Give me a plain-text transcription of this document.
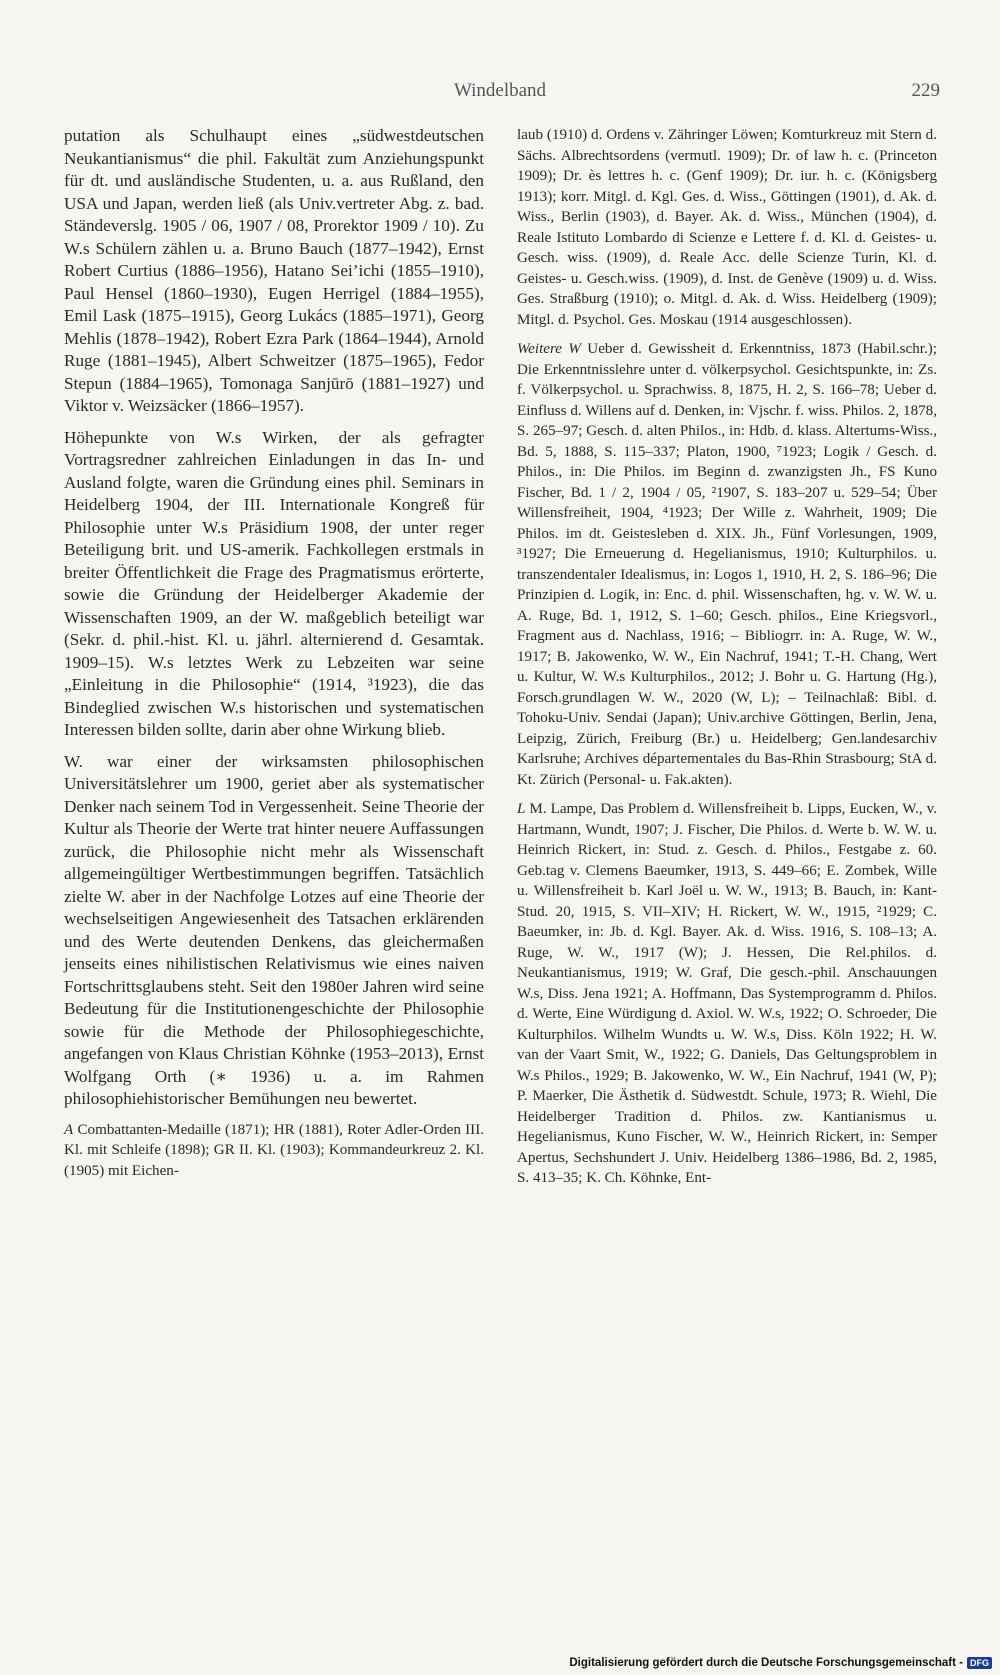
Windelband	229

putation als Schulhaupt eines „südwestdeutschen Neukantianismus“ die phil. Fakultät zum Anziehungspunkt für dt. und ausländische Studenten, u. a. aus Rußland, den USA und Japan, werden ließ (als Univ.vertreter Abg. z. bad. Ständeverslg. 1905 / 06, 1907 / 08, Prorektor 1909 / 10). Zu W.s Schülern zählen u. a. Bruno Bauch (1877–1942), Ernst Robert Curtius (1886–1956), Hatano Sei’ichi (1855–1910), Paul Hensel (1860–1930), Eugen Herrigel (1884–1955), Emil Lask (1875–1915), Georg Lukács (1885–1971), Georg Mehlis (1878–1942), Robert Ezra Park (1864–1944), Arnold Ruge (1881–1945), Albert Schweitzer (1875–1965), Fedor Stepun (1884–1965), Tomonaga Sanjūrō (1881–1927) und Viktor v. Weizsäcker (1866–1957).

Höhepunkte von W.s Wirken, der als gefragter Vortragsredner zahlreichen Einladungen in das In- und Ausland folgte, waren die Gründung eines phil. Seminars in Heidelberg 1904, der III. Internationale Kongreß für Philosophie unter W.s Präsidium 1908, der unter reger Beteiligung brit. und US-amerik. Fachkollegen erstmals in breiter Öffentlichkeit die Frage des Pragmatismus erörterte, sowie die Gründung der Heidelberger Akademie der Wissenschaften 1909, an der W. maßgeblich beteiligt war (Sekr. d. phil.-hist. Kl. u. jährl. alternierend d. Gesamtak. 1909–15). W.s letztes Werk zu Lebzeiten war seine „Einleitung in die Philosophie“ (1914, ³1923), die das Bindeglied zwischen W.s historischen und systematischen Interessen bilden sollte, darin aber ohne Wirkung blieb.

W. war einer der wirksamsten philosophischen Universitätslehrer um 1900, geriet aber als systematischer Denker nach seinem Tod in Vergessenheit. Seine Theorie der Kultur als Theorie der Werte trat hinter neuere Auffassungen zurück, die Philosophie nicht mehr als Wissenschaft allgemeingültiger Wertbestimmungen begriffen. Tatsächlich zielte W. aber in der Nachfolge Lotzes auf eine Theorie der wechselseitigen Angewiesenheit des Tatsachen erklärenden und des Werte deutenden Denkens, das gleichermaßen jenseits eines nihilistischen Relativismus wie eines naiven Fortschrittsglaubens steht. Seit den 1980er Jahren wird seine Bedeutung für die Institutionengeschichte der Philosophie sowie für die Methode der Philosophiegeschichte, angefangen von Klaus Christian Köhnke (1953–2013), Ernst Wolfgang Orth (∗ 1936) u. a. im Rahmen philosophiehistorischer Bemühungen neu bewertet.

A Combattanten-Medaille (1871); HR (1881), Roter Adler-Orden III. Kl. mit Schleife (1898); GR II. Kl. (1903); Kommandeurkreuz 2. Kl. (1905) mit Eichen-

laub (1910) d. Ordens v. Zähringer Löwen; Komturkreuz mit Stern d. Sächs. Albrechtsordens (vermutl. 1909); Dr. of law h. c. (Princeton 1909); Dr. ès lettres h. c. (Genf 1909); Dr. iur. h. c. (Königsberg 1913); korr. Mitgl. d. Kgl. Ges. d. Wiss., Göttingen (1901), d. Ak. d. Wiss., Berlin (1903), d. Bayer. Ak. d. Wiss., München (1904), d. Reale Istituto Lombardo di Scienze e Lettere f. d. Kl. d. Geistes- u. Gesch. wiss. (1909), d. Reale Acc. delle Scienze Turin, Kl. d. Geistes- u. Gesch.wiss. (1909), d. Inst. de Genève (1909) u. d. Wiss. Ges. Straßburg (1910); o. Mitgl. d. Ak. d. Wiss. Heidelberg (1909); Mitgl. d. Psychol. Ges. Moskau (1914 ausgeschlossen).

Weitere W Ueber d. Gewissheit d. Erkenntniss, 1873 (Habil.schr.); Die Erkenntnisslehre unter d. völkerpsychol. Gesichtspunkte, in: Zs. f. Völkerpsychol. u. Sprachwiss. 8, 1875, H. 2, S. 166–78; Ueber d. Einfluss d. Willens auf d. Denken, in: Vjschr. f. wiss. Philos. 2, 1878, S. 265–97; Gesch. d. alten Philos., in: Hdb. d. klass. Altertums-Wiss., Bd. 5, 1888, S. 115–337; Platon, 1900, ⁷1923; Logik / Gesch. d. Philos., in: Die Philos. im Beginn d. zwanzigsten Jh., FS Kuno Fischer, Bd. 1 / 2, 1904 / 05, ²1907, S. 183–207 u. 529–54; Über Willensfreiheit, 1904, ⁴1923; Der Wille z. Wahrheit, 1909; Die Philos. im dt. Geistesleben d. XIX. Jh., Fünf Vorlesungen, 1909, ³1927; Die Erneuerung d. Hegelianismus, 1910; Kulturphilos. u. transzendentaler Idealismus, in: Logos 1, 1910, H. 2, S. 186–96; Die Prinzipien d. Logik, in: Enc. d. phil. Wissenschaften, hg. v. W. W. u. A. Ruge, Bd. 1, 1912, S. 1–60; Gesch. philos., Eine Kriegsvorl., Fragment aus d. Nachlass, 1916; – Bibliogrr. in: A. Ruge, W. W., 1917; B. Jakowenko, W. W., Ein Nachruf, 1941; T.-H. Chang, Wert u. Kultur, W. W.s Kulturphilos., 2012; J. Bohr u. G. Hartung (Hg.), Forsch.grundlagen W. W., 2020 (W, L); – Teilnachlaß: Bibl. d. Tohoku-Univ. Sendai (Japan); Univ.archive Göttingen, Berlin, Jena, Leipzig, Zürich, Freiburg (Br.) u. Heidelberg; Gen.landesarchiv Karlsruhe; Archives départementales du Bas-Rhin Strasbourg; StA d. Kt. Zürich (Personal- u. Fak.akten).

L M. Lampe, Das Problem d. Willensfreiheit b. Lipps, Eucken, W., v. Hartmann, Wundt, 1907; J. Fischer, Die Philos. d. Werte b. W. W. u. Heinrich Rickert, in: Stud. z. Gesch. d. Philos., Festgabe z. 60. Geb.tag v. Clemens Baeumker, 1913, S. 449–66; E. Zombek, Wille u. Willensfreiheit b. Karl Joël u. W. W., 1913; B. Bauch, in: Kant-Stud. 20, 1915, S. VII–XIV; H. Rickert, W. W., 1915, ²1929; C. Baeumker, in: Jb. d. Kgl. Bayer. Ak. d. Wiss. 1916, S. 108–13; A. Ruge, W. W., 1917 (W); J. Hessen, Die Rel.philos. d. Neukantianismus, 1919; W. Graf, Die gesch.-phil. Anschauungen W.s, Diss. Jena 1921; A. Hoffmann, Das Systemprogramm d. Philos. d. Werte, Eine Würdigung d. Axiol. W. W.s, 1922; O. Schroeder, Die Kulturphilos. Wilhelm Wundts u. W. W.s, Diss. Köln 1922; H. W. van der Vaart Smit, W., 1922; G. Daniels, Das Geltungsproblem in W.s Philos., 1929; B. Jakowenko, W. W., Ein Nachruf, 1941 (W, P); P. Maerker, Die Ästhetik d. Südwestdt. Schule, 1973; R. Wiehl, Die Heidelberger Tradition d. Philos. zw. Kantianismus u. Hegelianismus, Kuno Fischer, W. W., Heinrich Rickert, in: Semper Apertus, Sechshundert J. Univ. Heidelberg 1386–1986, Bd. 2, 1985, S. 413–35; K. Ch. Köhnke, Ent-

Digitalisierung gefördert durch die Deutsche Forschungsgemeinschaft - DFG
